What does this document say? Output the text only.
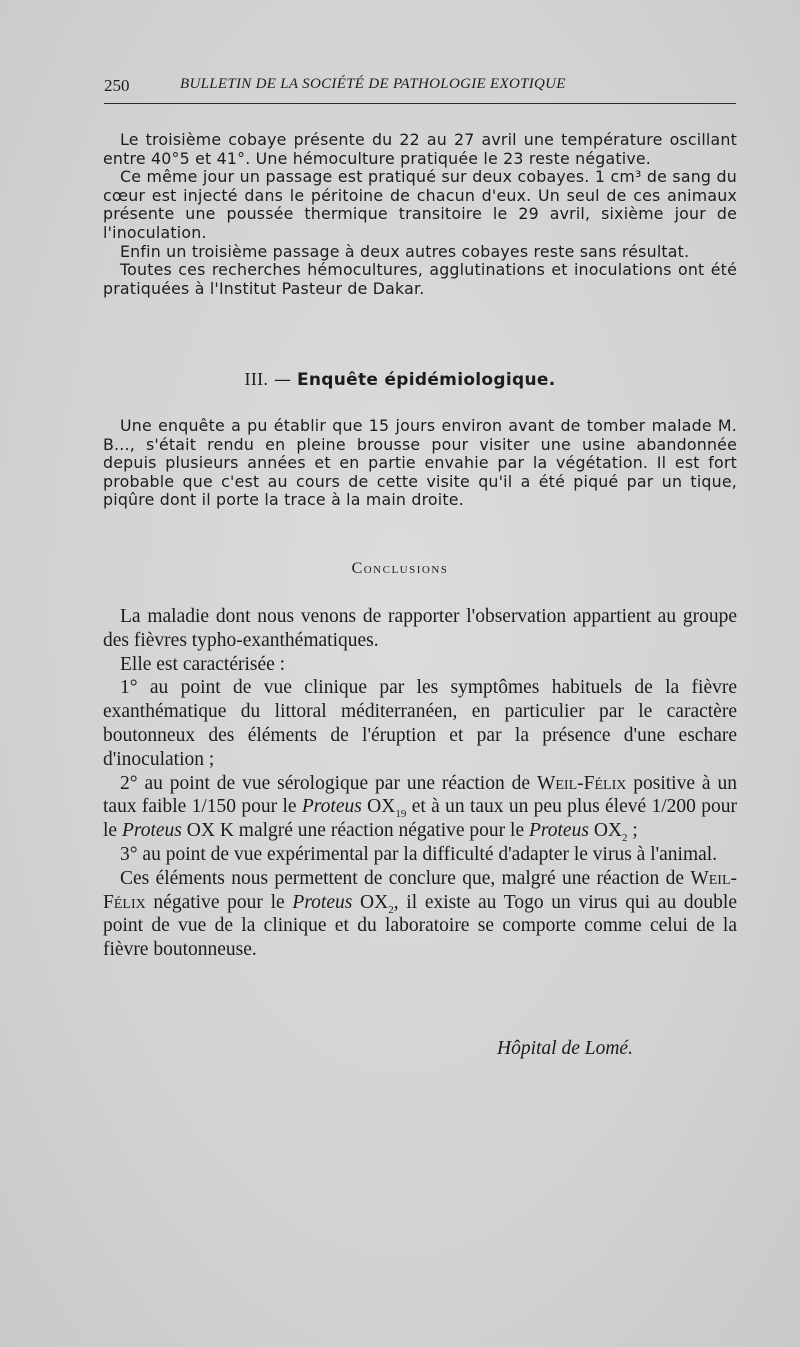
250	BULLETIN DE LA SOCIÉTÉ DE PATHOLOGIE EXOTIQUE

Le troisième cobaye présente du 22 au 27 avril une température oscillant entre 40°5 et 41°. Une hémoculture pratiquée le 23 reste négative.

Ce même jour un passage est pratiqué sur deux cobayes. 1 cm³ de sang du cœur est injecté dans le péritoine de chacun d'eux. Un seul de ces animaux présente une poussée thermique transitoire le 29 avril, sixième jour de l'inoculation.

Enfin un troisième passage à deux autres cobayes reste sans résultat.

Toutes ces recherches hémocultures, agglutinations et inoculations ont été pratiquées à l'Institut Pasteur de Dakar.

III. — Enquête épidémiologique.

Une enquête a pu établir que 15 jours environ avant de tomber malade M. B..., s'était rendu en pleine brousse pour visiter une usine abandonnée depuis plusieurs années et en partie envahie par la végétation. Il est fort probable que c'est au cours de cette visite qu'il a été piqué par un tique, piqûre dont il porte la trace à la main droite.

Conclusions

La maladie dont nous venons de rapporter l'observation appartient au groupe des fièvres typho-exanthématiques.

Elle est caractérisée :

1° au point de vue clinique par les symptômes habituels de la fièvre exanthématique du littoral méditerranéen, en particulier par le caractère boutonneux des éléments de l'éruption et par la présence d'une eschare d'inoculation ;

2° au point de vue sérologique par une réaction de Weil-Félix positive à un taux faible 1/150 pour le Proteus $OX_{19}$ et à un taux un peu plus élevé 1/200 pour le Proteus OX K malgré une réaction négative pour le Proteus $OX_2$ ;

3° au point de vue expérimental par la difficulté d'adapter le virus à l'animal.

Ces éléments nous permettent de conclure que, malgré une réaction de Weil-Félix négative pour le Proteus $OX_2$, il existe au Togo un virus qui au double point de vue de la clinique et du laboratoire se comporte comme celui de la fièvre boutonneuse.

Hôpital de Lomé.
